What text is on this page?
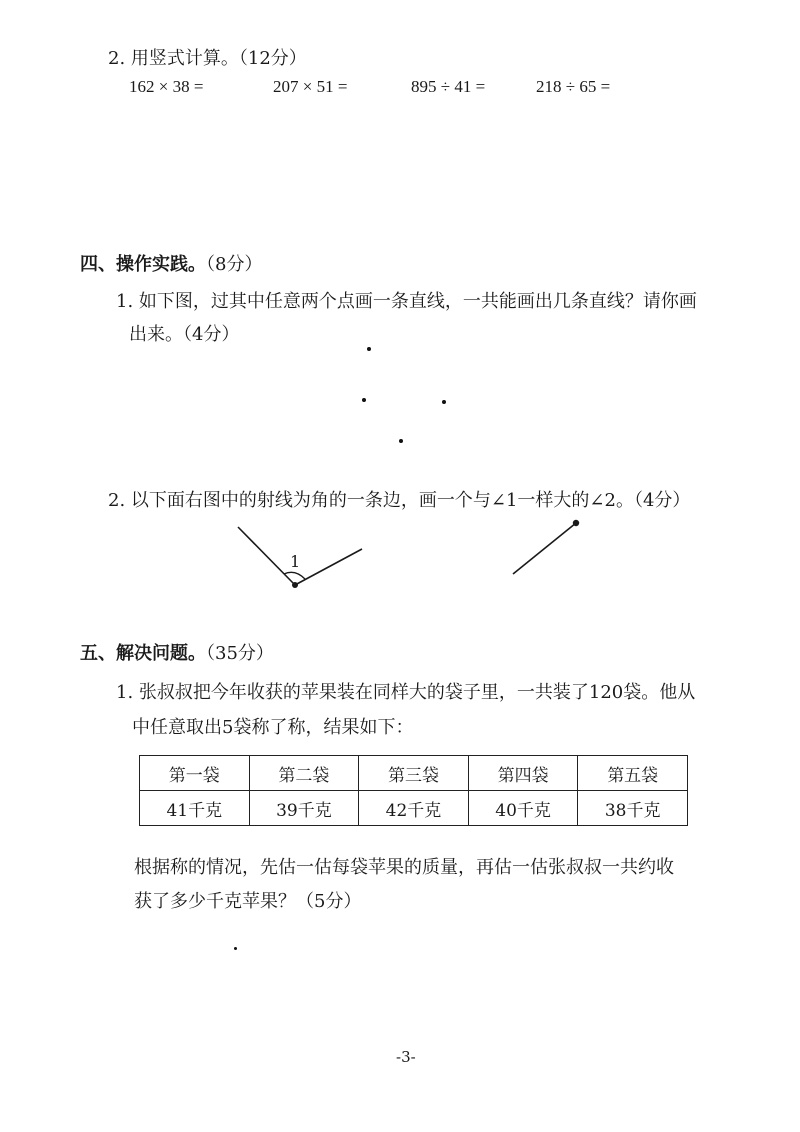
2. 用竖式计算。（12分）
162 × 38 =	207 × 51 =	895 ÷ 41 =	218 ÷ 65 =
四、操作实践。（8分）
1. 如下图，过其中任意两个点画一条直线，一共能画出几条直线？请你画
出来。（4分）
2. 以下面右图中的射线为角的一条边，画一个与∠1一样大的∠2。（4分）
1
五、解决问题。（35分）
1. 张叔叔把今年收获的苹果装在同样大的袋子里，一共装了120袋。他从
中任意取出5袋称了称，结果如下：
第一袋	第二袋	第三袋	第四袋	第五袋
41千克	39千克	42千克	40千克	38千克
根据称的情况，先估一估每袋苹果的质量，再估一估张叔叔一共约收
获了多少千克苹果？（5分）
-3-
